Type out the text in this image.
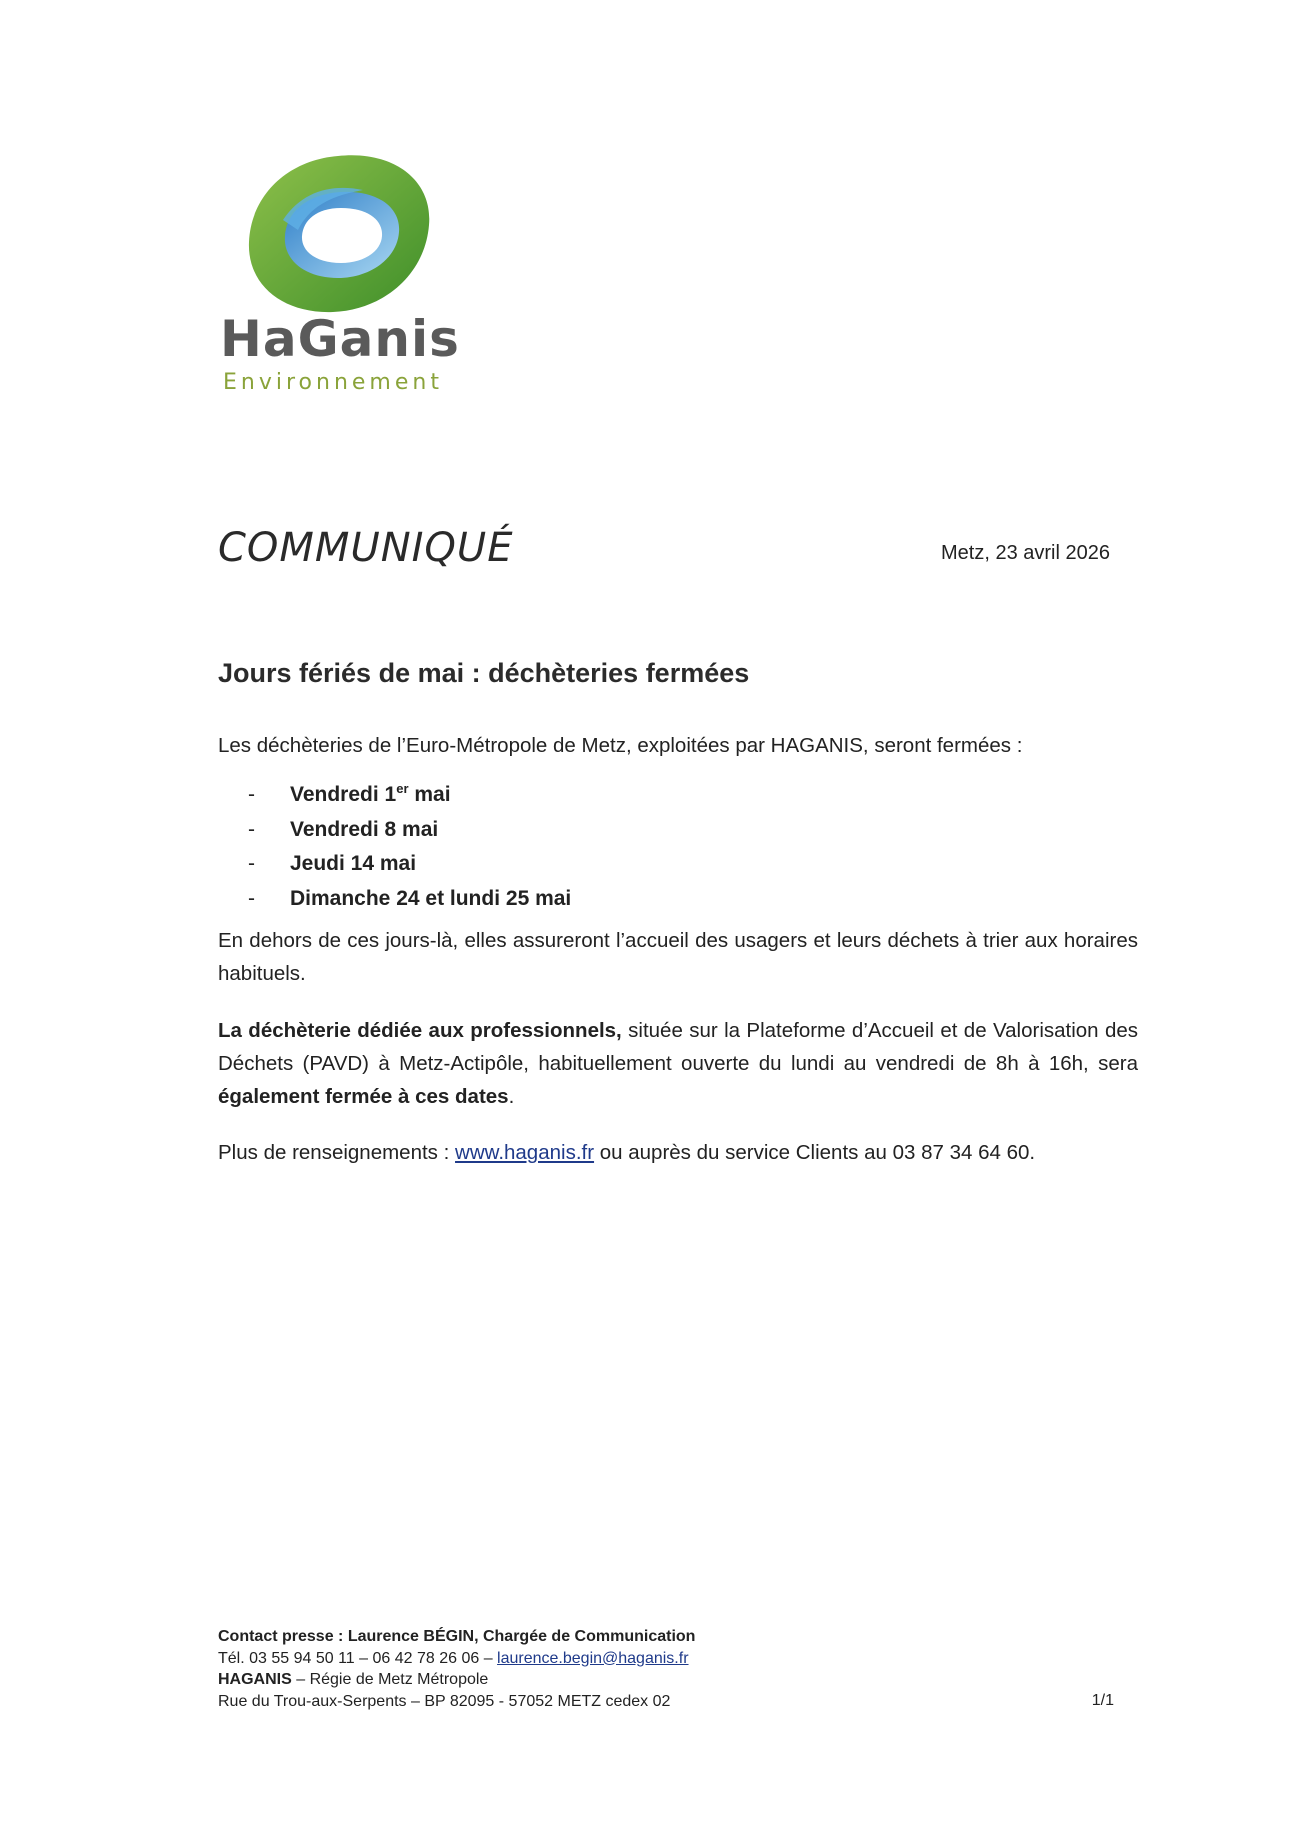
HaGanis
Environnement
COMMUNIQUÉ	Metz, 23 avril 2026
Jours fériés de mai : déchèteries fermées
Les déchèteries de l’Euro-Métropole de Metz, exploitées par HAGANIS, seront fermées :
- Vendredi 1er mai
- Vendredi 8 mai
- Jeudi 14 mai
- Dimanche 24 et lundi 25 mai
En dehors de ces jours-là, elles assureront l’accueil des usagers et leurs déchets à trier aux horaires habituels.
La déchèterie dédiée aux professionnels, située sur la Plateforme d’Accueil et de Valorisation des Déchets (PAVD) à Metz-Actipôle, habituellement ouverte du lundi au vendredi de 8h à 16h, sera également fermée à ces dates.
Plus de renseignements : www.haganis.fr ou auprès du service Clients au 03 87 34 64 60.
Contact presse : Laurence BÉGIN, Chargée de Communication
Tél. 03 55 94 50 11 – 06 42 78 26 06 – laurence.begin@haganis.fr
HAGANIS – Régie de Metz Métropole
Rue du Trou-aux-Serpents – BP 82095 - 57052 METZ cedex 02	1/1
